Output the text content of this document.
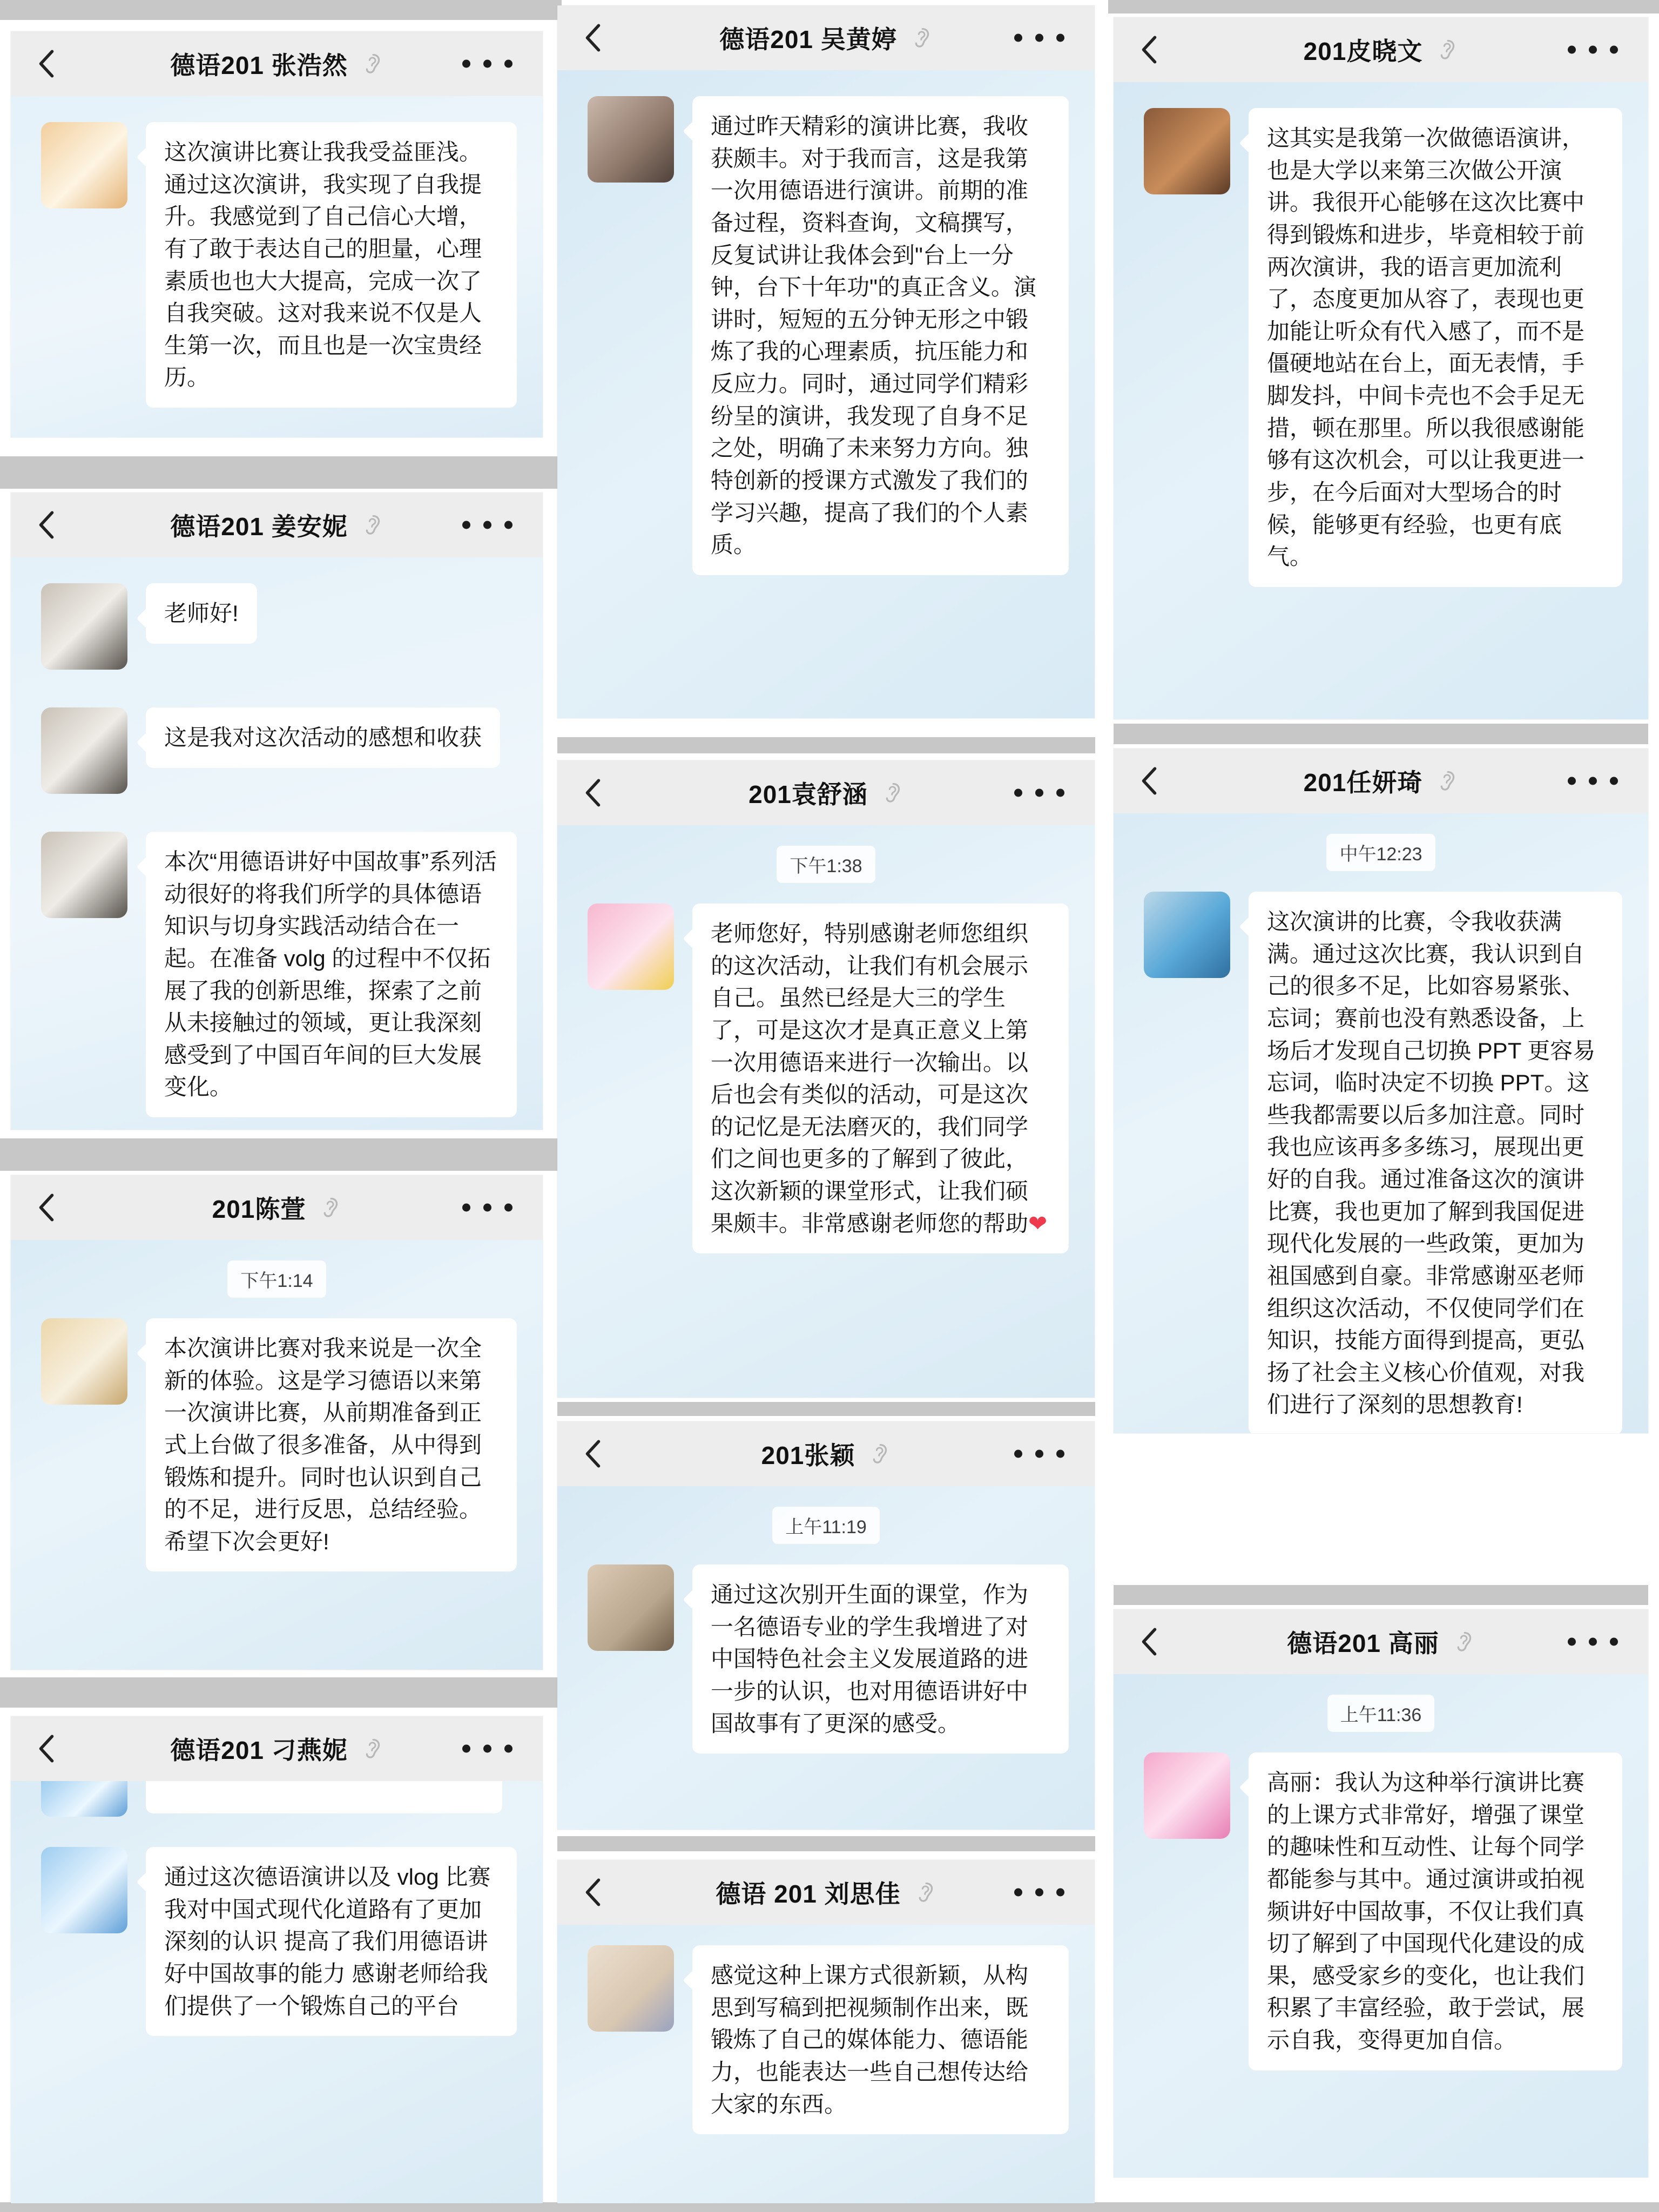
德语201 张浩然
这次演讲比赛让我我受益匪浅。通过这次演讲，我实现了自我提升。我感觉到了自己信心大增，有了敢于表达自己的胆量，心理素质也也大大提高，完成一次了自我突破。这对我来说不仅是人生第一次，而且也是一次宝贵经历。
德语201 姜安妮
老师好!
这是我对这次活动的感想和收获
本次“用德语讲好中国故事”系列活动很好的将我们所学的具体德语知识与切身实践活动结合在一起。在准备 volg 的过程中不仅拓展了我的创新思维，探索了之前从未接触过的领域，更让我深刻感受到了中国百年间的巨大发展变化。
201陈萱
下午1:14
本次演讲比赛对我来说是一次全新的体验。这是学习德语以来第一次演讲比赛，从前期准备到正式上台做了很多准备，从中得到锻炼和提升。同时也认识到自己的不足，进行反思，总结经验。希望下次会更好!
德语201 刁燕妮
通过这次德语演讲以及 vlog 比赛 我对中国式现代化道路有了更加深刻的认识 提高了我们用德语讲好中国故事的能力 感谢老师给我们提供了一个锻炼自己的平台
德语201 吴黄婷
通过昨天精彩的演讲比赛，我收获颇丰。对于我而言，这是我第一次用德语进行演讲。前期的准备过程，资料查询，文稿撰写，反复试讲让我体会到"台上一分钟，台下十年功"的真正含义。演讲时，短短的五分钟无形之中锻炼了我的心理素质，抗压能力和反应力。同时，通过同学们精彩纷呈的演讲，我发现了自身不足之处，明确了未来努力方向。独特创新的授课方式激发了我们的学习兴趣，提高了我们的个人素质。
201袁舒涵
下午1:38
老师您好，特别感谢老师您组织的这次活动，让我们有机会展示自己。虽然已经是大三的学生了，可是这次才是真正意义上第一次用德语来进行一次输出。以后也会有类似的活动，可是这次的记忆是无法磨灭的，我们同学们之间也更多的了解到了彼此，这次新颖的课堂形式，让我们硕果颇丰。非常感谢老师您的帮助❤
201张颖
上午11:19
通过这次别开生面的课堂，作为一名德语专业的学生我增进了对中国特色社会主义发展道路的进一步的认识，也对用德语讲好中国故事有了更深的感受。
德语 201 刘思佳
感觉这种上课方式很新颖，从构思到写稿到把视频制作出来，既锻炼了自己的媒体能力、德语能力，也能表达一些自己想传达给大家的东西。
201皮晓文
这其实是我第一次做德语演讲，也是大学以来第三次做公开演讲。我很开心能够在这次比赛中得到锻炼和进步，毕竟相较于前两次演讲，我的语言更加流利了，态度更加从容了，表现也更加能让听众有代入感了，而不是僵硬地站在台上，面无表情，手脚发抖，中间卡壳也不会手足无措，顿在那里。所以我很感谢能够有这次机会，可以让我更进一步，在今后面对大型场合的时候，能够更有经验，也更有底气。
201任妍琦
中午12:23
这次演讲的比赛，令我收获满满。通过这次比赛，我认识到自己的很多不足，比如容易紧张、忘词；赛前也没有熟悉设备，上场后才发现自己切换 PPT 更容易忘词，临时决定不切换 PPT。这些我都需要以后多加注意。同时我也应该再多多练习，展现出更好的自我。通过准备这次的演讲比赛，我也更加了解到我国促进现代化发展的一些政策，更加为祖国感到自豪。非常感谢巫老师组织这次活动，不仅使同学们在知识，技能方面得到提高，更弘扬了社会主义核心价值观，对我们进行了深刻的思想教育!
德语201 高丽
上午11:36
高丽：我认为这种举行演讲比赛的上课方式非常好，增强了课堂的趣味性和互动性、让每个同学都能参与其中。通过演讲或拍视频讲好中国故事，不仅让我们真切了解到了中国现代化建设的成果，感受家乡的变化，也让我们积累了丰富经验，敢于尝试，展示自我，变得更加自信。
